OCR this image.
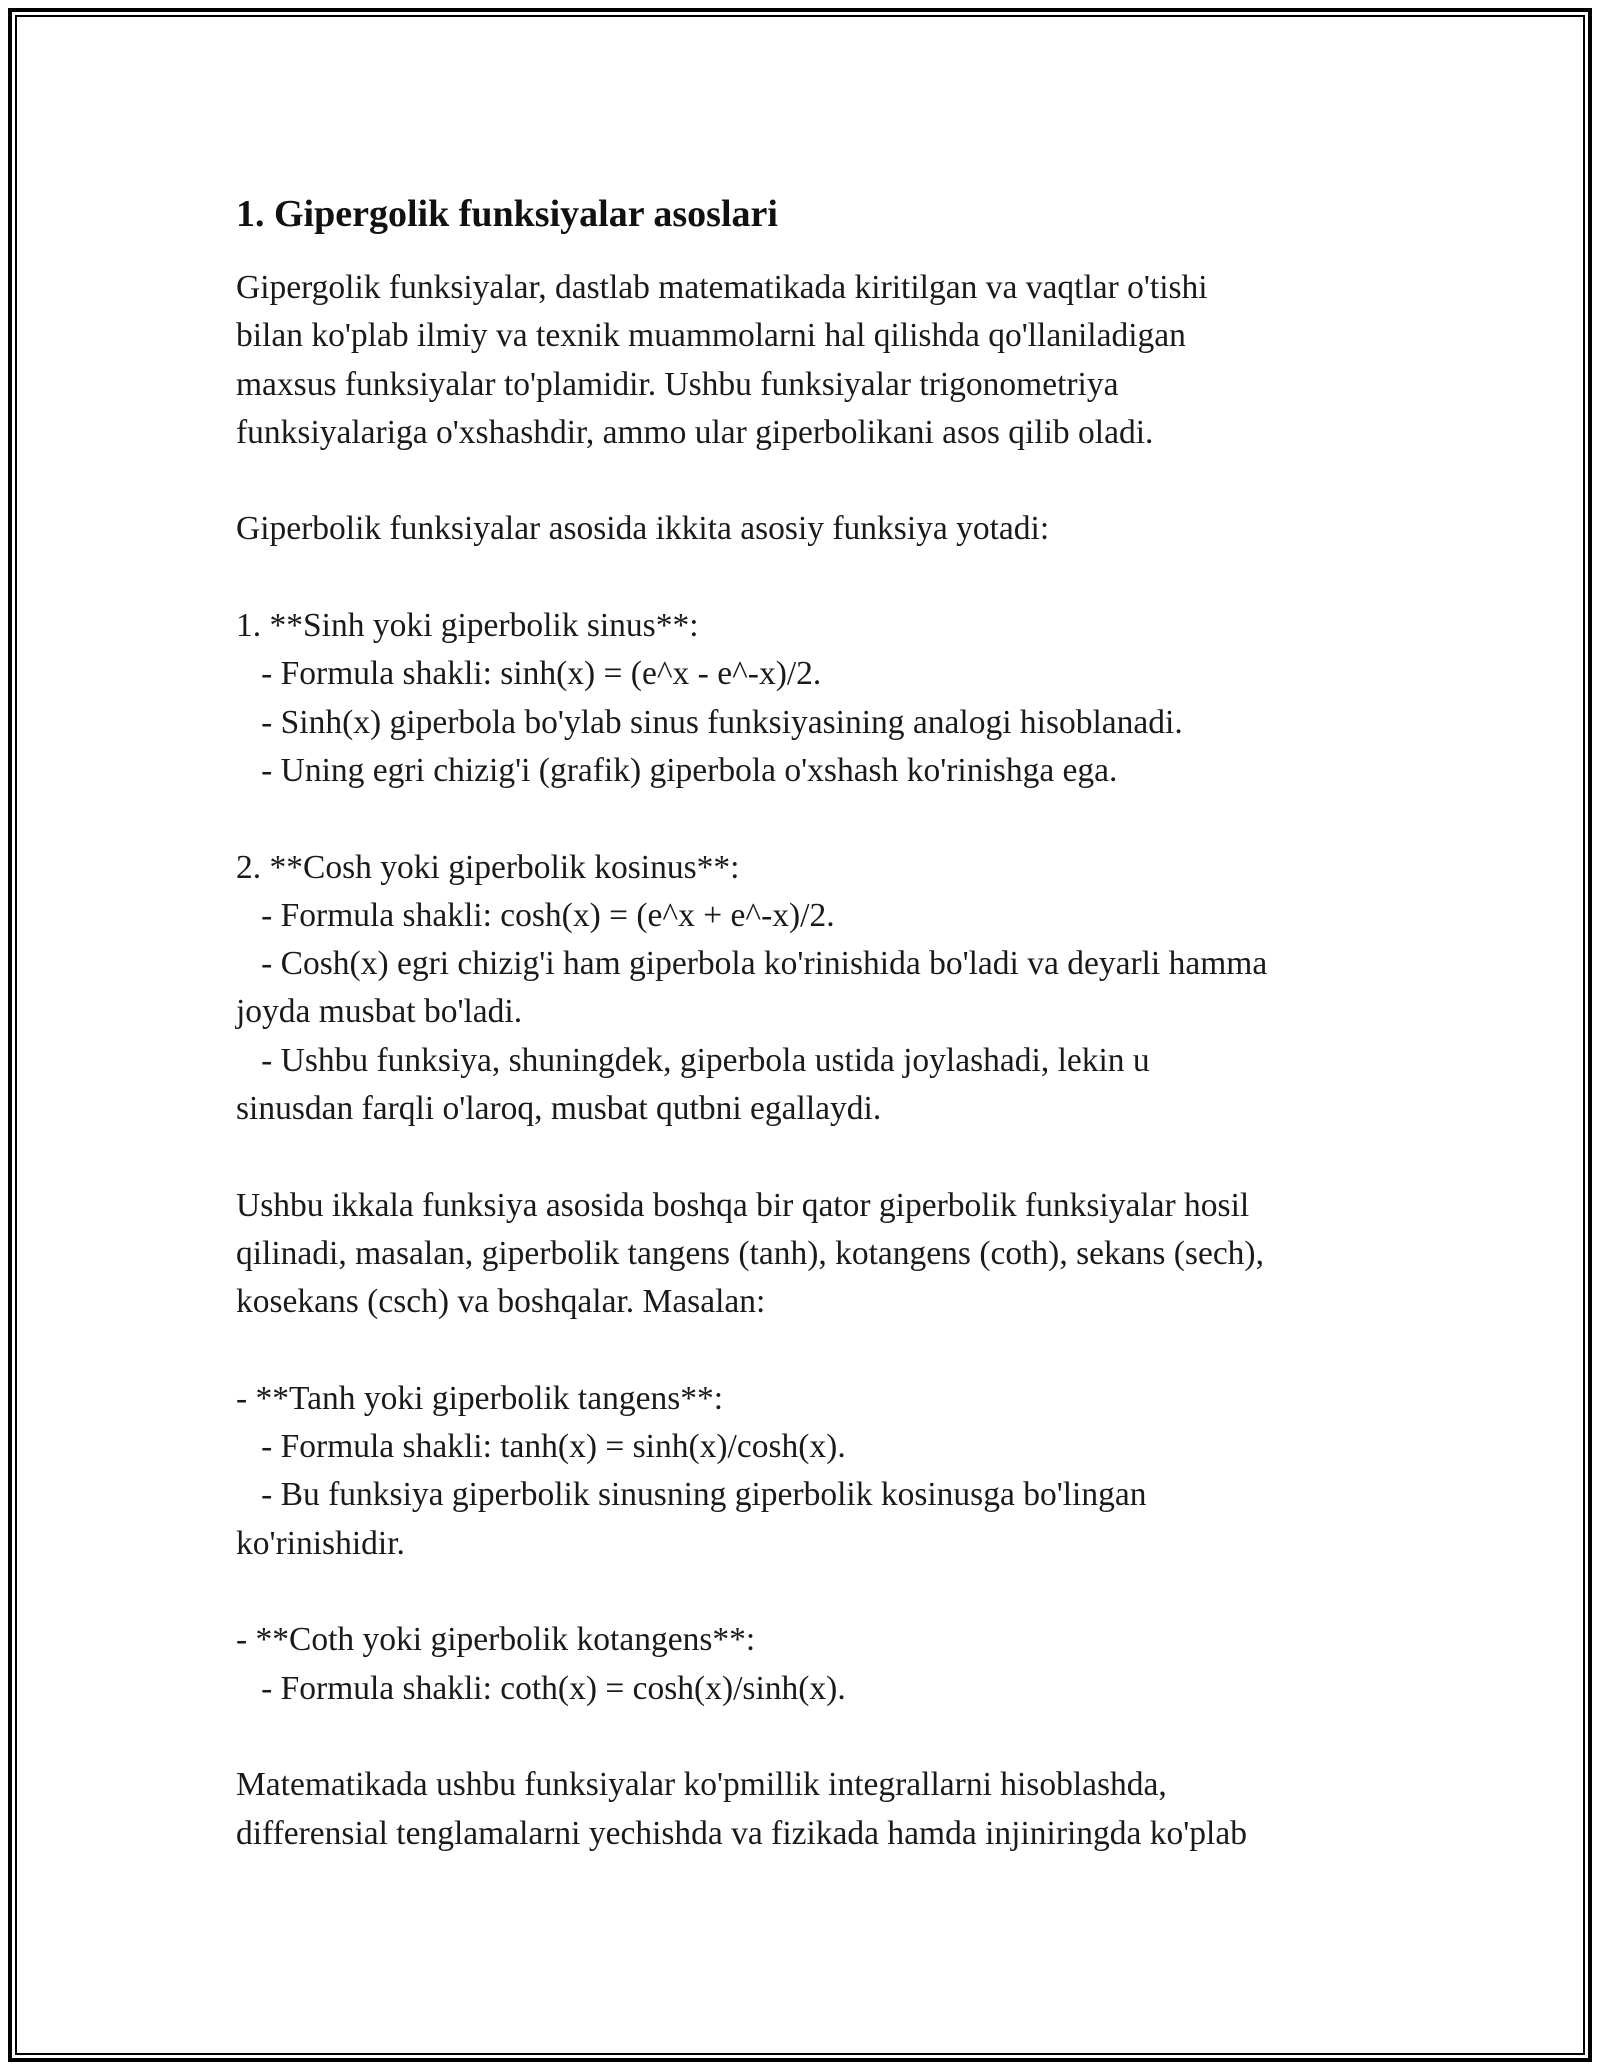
1. Gipergolik funksiyalar asoslari
Gipergolik funksiyalar, dastlab matematikada kiritilgan va vaqtlar o'tishi
bilan ko'plab ilmiy va texnik muammolarni hal qilishda qo'llaniladigan
maxsus funksiyalar to'plamidir. Ushbu funksiyalar trigonometriya
funksiyalariga o'xshashdir, ammo ular giperbolikani asos qilib oladi.
Giperbolik funksiyalar asosida ikkita asosiy funksiya yotadi:
1. **Sinh yoki giperbolik sinus**:
- Formula shakli: sinh(x) = (e^x - e^-x)/2.
- Sinh(x) giperbola bo'ylab sinus funksiyasining analogi hisoblanadi.
- Uning egri chizig'i (grafik) giperbola o'xshash ko'rinishga ega.
2. **Cosh yoki giperbolik kosinus**:
- Formula shakli: cosh(x) = (e^x + e^-x)/2.
- Cosh(x) egri chizig'i ham giperbola ko'rinishida bo'ladi va deyarli hamma
joyda musbat bo'ladi.
- Ushbu funksiya, shuningdek, giperbola ustida joylashadi, lekin u
sinusdan farqli o'laroq, musbat qutbni egallaydi.
Ushbu ikkala funksiya asosida boshqa bir qator giperbolik funksiyalar hosil
qilinadi, masalan, giperbolik tangens (tanh), kotangens (coth), sekans (sech),
kosekans (csch) va boshqalar. Masalan:
- **Tanh yoki giperbolik tangens**:
- Formula shakli: tanh(x) = sinh(x)/cosh(x).
- Bu funksiya giperbolik sinusning giperbolik kosinusga bo'lingan
ko'rinishidir.
- **Coth yoki giperbolik kotangens**:
- Formula shakli: coth(x) = cosh(x)/sinh(x).
Matematikada ushbu funksiyalar ko'pmillik integrallarni hisoblashda,
differensial tenglamalarni yechishda va fizikada hamda injiniringda ko'plab
